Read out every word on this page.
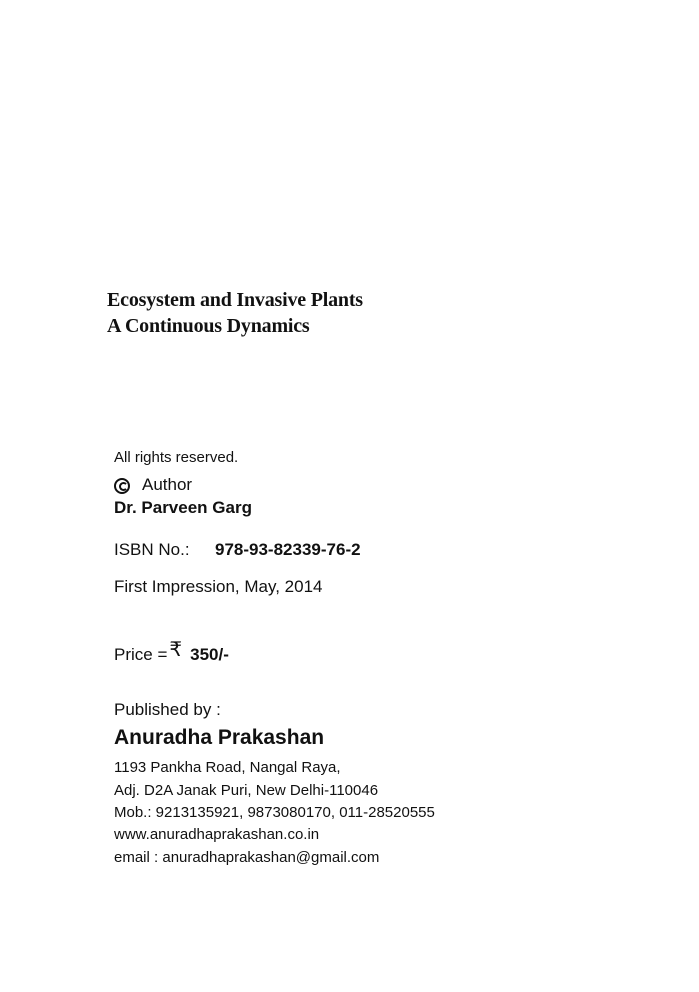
Ecosystem and Invasive Plants
A Continuous Dynamics
All rights reserved.
Author
Dr. Parveen Garg
ISBN No.: 978-93-82339-76-2
First Impression, May, 2014
Price = ₹ 350/-
Published by :
Anuradha Prakashan
1193 Pankha Road, Nangal Raya,
Adj. D2A Janak Puri, New Delhi-110046
Mob.: 9213135921, 9873080170, 011-28520555
www.anuradhaprakashan.co.in
email : anuradhaprakashan@gmail.com
